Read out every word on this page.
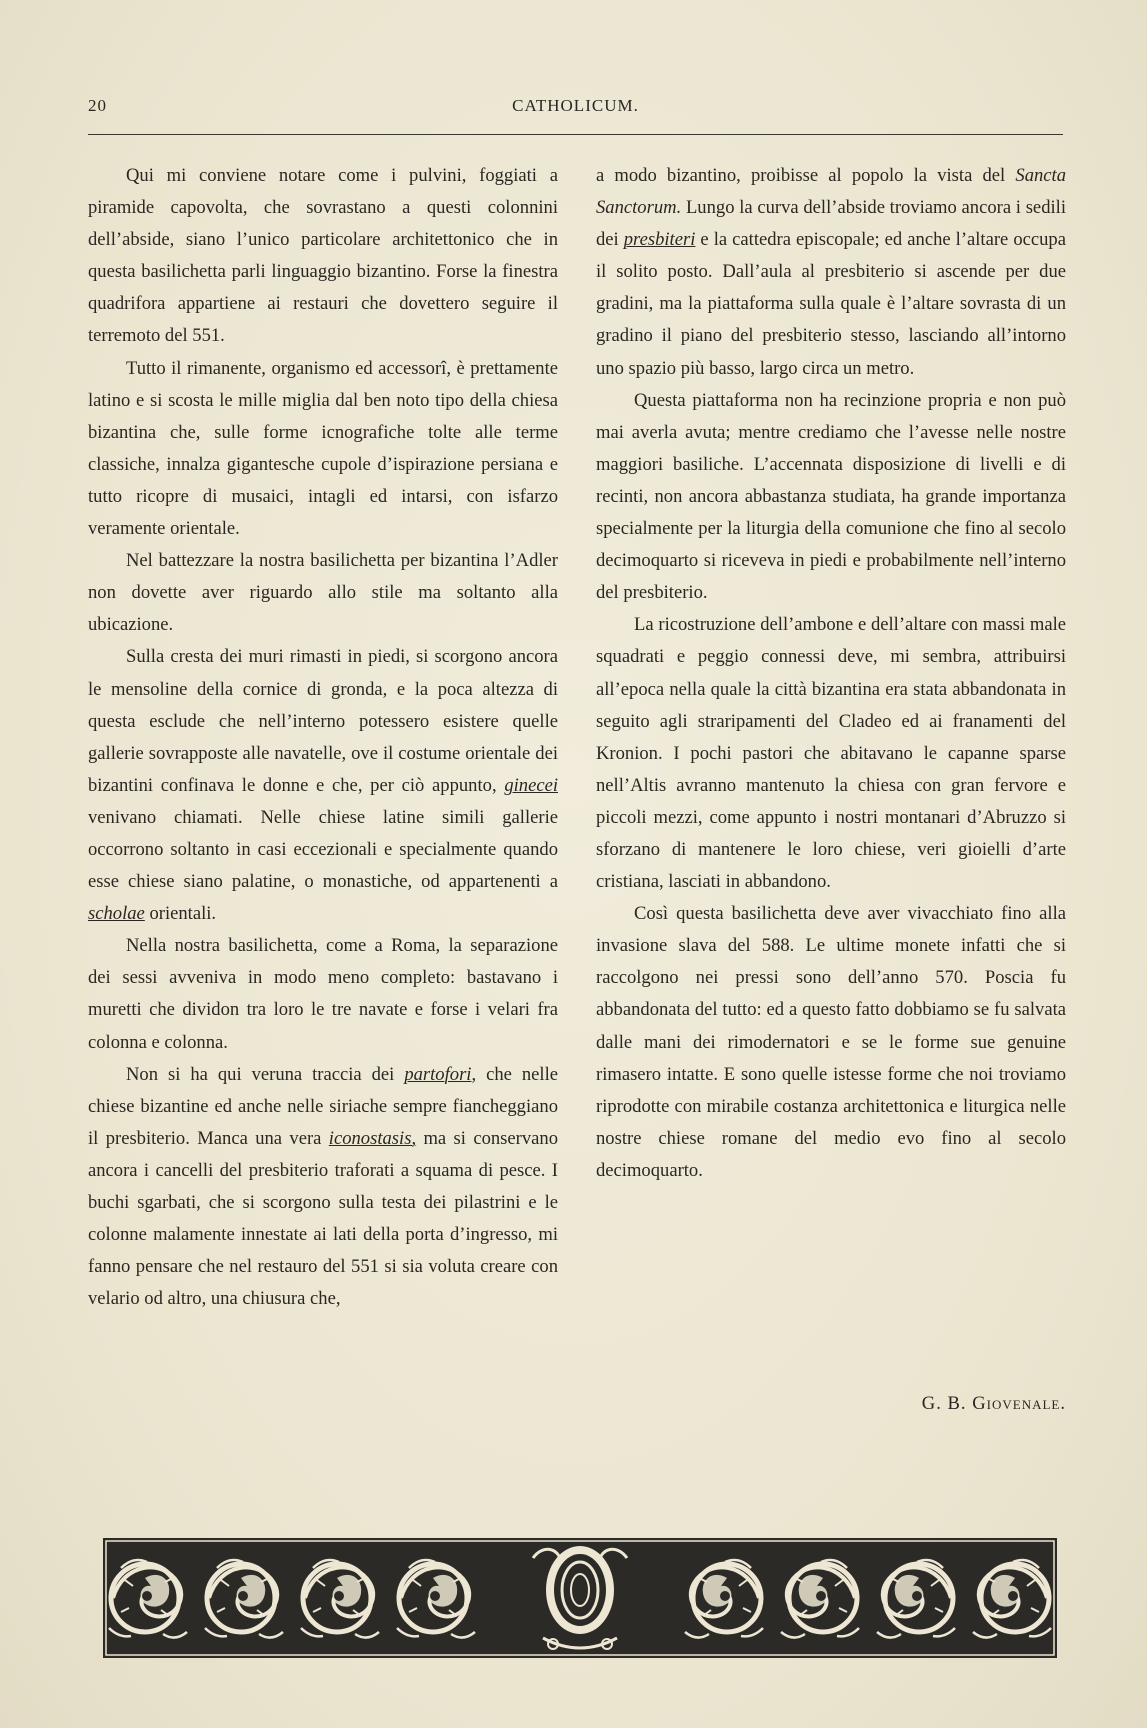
20	CATHOLICUM.

Qui mi conviene notare come i pulvini, foggiati a piramide capovolta, che sovrastano a questi colonnini dell’abside, siano l’unico particolare architettonico che in questa basilichetta parli linguaggio bizantino. Forse la finestra quadrifora appartiene ai restauri che dovettero seguire il terremoto del 551.

Tutto il rimanente, organismo ed accessorî, è prettamente latino e si scosta le mille miglia dal ben noto tipo della chiesa bizantina che, sulle forme icnografiche tolte alle terme classiche, innalza gigantesche cupole d’ispirazione persiana e tutto ricopre di musaici, intagli ed intarsi, con isfarzo veramente orientale.

Nel battezzare la nostra basilichetta per bizantina l’Adler non dovette aver riguardo allo stile ma soltanto alla ubicazione.

Sulla cresta dei muri rimasti in piedi, si scorgono ancora le mensoline della cornice di gronda, e la poca altezza di questa esclude che nell’interno potessero esistere quelle gallerie sovrapposte alle navatelle, ove il costume orientale dei bizantini confinava le donne e che, per ciò appunto, ginecei venivano chiamati. Nelle chiese latine simili gallerie occorrono soltanto in casi eccezionali e specialmente quando esse chiese siano palatine, o monastiche, od appartenenti a scholae orientali.

Nella nostra basilichetta, come a Roma, la separazione dei sessi avveniva in modo meno completo: bastavano i muretti che dividon tra loro le tre navate e forse i velari fra colonna e colonna.

Non si ha qui veruna traccia dei partofori, che nelle chiese bizantine ed anche nelle siriache sempre fiancheggiano il presbiterio. Manca una vera iconostasis, ma si conservano ancora i cancelli del presbiterio traforati a squama di pesce. I buchi sgarbati, che si scorgono sulla testa dei pilastrini e le colonne malamente innestate ai lati della porta d’ingresso, mi fanno pensare che nel restauro del 551 si sia voluta creare con velario od altro, una chiusura che,

a modo bizantino, proibisse al popolo la vista del Sancta Sanctorum. Lungo la curva dell’abside troviamo ancora i sedili dei presbiteri e la cattedra episcopale; ed anche l’altare occupa il solito posto. Dall’aula al presbiterio si ascende per due gradini, ma la piattaforma sulla quale è l’altare sovrasta di un gradino il piano del presbiterio stesso, lasciando all’intorno uno spazio più basso, largo circa un metro.

Questa piattaforma non ha recinzione propria e non può mai averla avuta; mentre crediamo che l’avesse nelle nostre maggiori basiliche. L’accennata disposizione di livelli e di recinti, non ancora abbastanza studiata, ha grande importanza specialmente per la liturgia della comunione che fino al secolo decimoquarto si riceveva in piedi e probabilmente nell’interno del presbiterio.

La ricostruzione dell’ambone e dell’altare con massi male squadrati e peggio connessi deve, mi sembra, attribuirsi all’epoca nella quale la città bizantina era stata abbandonata in seguito agli straripamenti del Cladeo ed ai franamenti del Kronion. I pochi pastori che abitavano le capanne sparse nell’Altis avranno mantenuto la chiesa con gran fervore e piccoli mezzi, come appunto i nostri montanari d’Abruzzo si sforzano di mantenere le loro chiese, veri gioielli d’arte cristiana, lasciati in abbandono.

Così questa basilichetta deve aver vivacchiato fino alla invasione slava del 588. Le ultime monete infatti che si raccolgono nei pressi sono dell’anno 570. Poscia fu abbandonata del tutto: ed a questo fatto dobbiamo se fu salvata dalle mani dei rimodernatori e se le forme sue genuine rimasero intatte. E sono quelle istesse forme che noi troviamo riprodotte con mirabile costanza architettonica e liturgica nelle nostre chiese romane del medio evo fino al secolo decimoquarto.

G. B. Giovenale.
